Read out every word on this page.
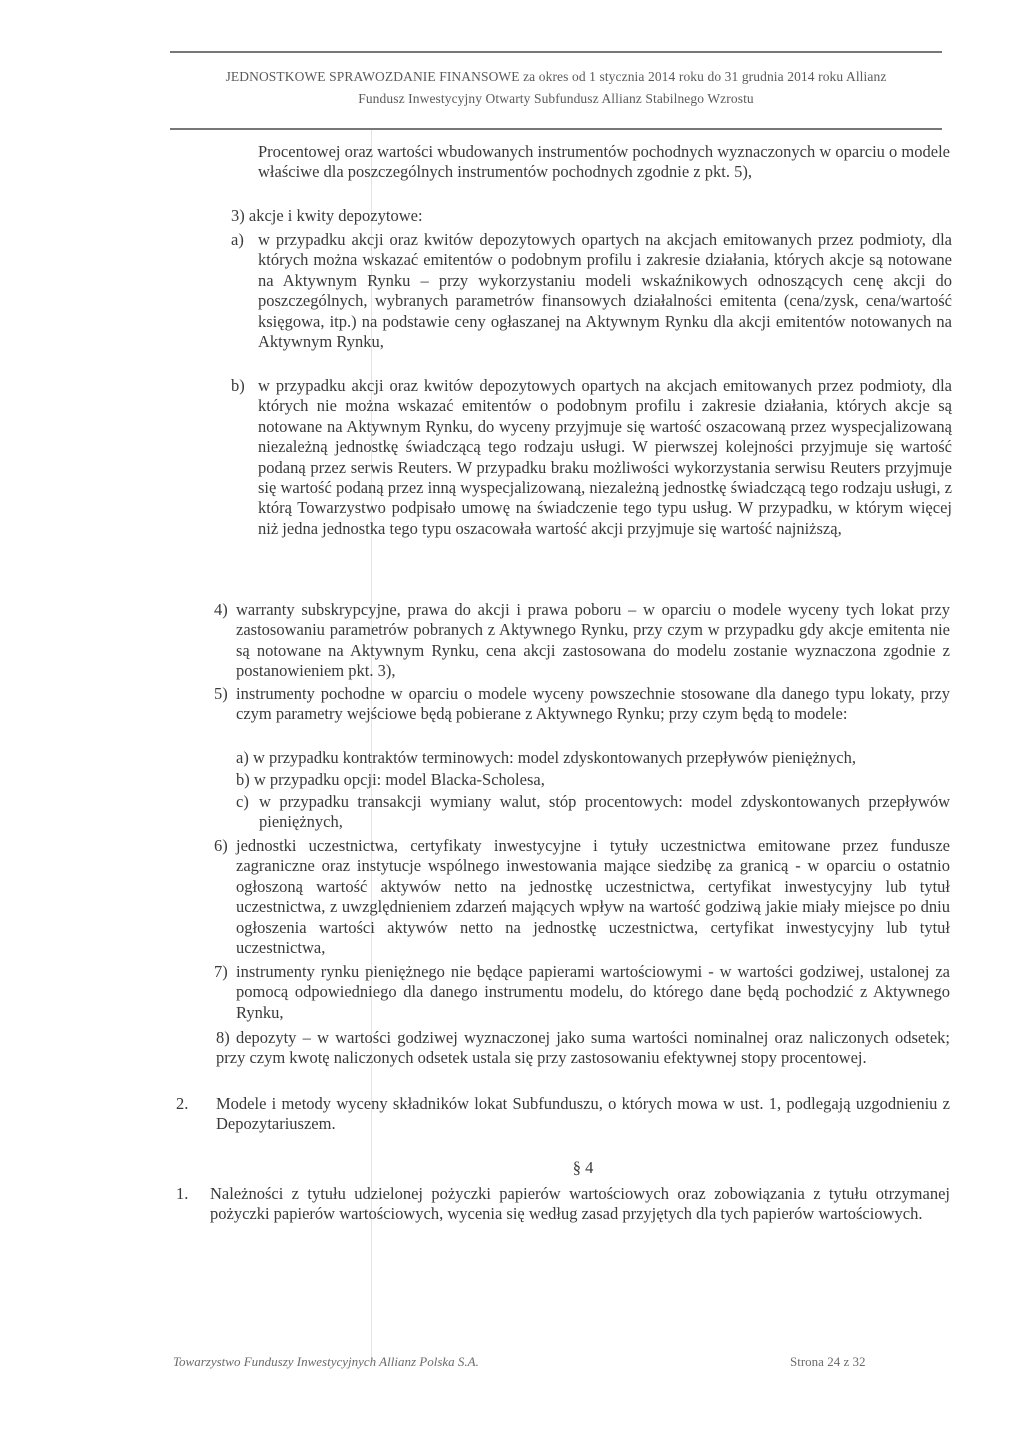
JEDNOSTKOWE SPRAWOZDANIE FINANSOWE za okres od 1 stycznia 2014 roku do 31 grudnia 2014 roku Allianz
Fundusz Inwestycyjny Otwarty Subfundusz Allianz Stabilnego Wzrostu
Procentowej oraz wartości wbudowanych instrumentów pochodnych wyznaczonych w oparciu o modele właściwe dla poszczególnych instrumentów pochodnych zgodnie z pkt. 5),
3) akcje i kwity depozytowe:
a) w przypadku akcji oraz kwitów depozytowych opartych na akcjach emitowanych przez podmioty, dla których można wskazać emitentów o podobnym profilu i zakresie działania, których akcje są notowane na Aktywnym Rynku – przy wykorzystaniu modeli wskaźnikowych odnoszących cenę akcji do poszczególnych, wybranych parametrów finansowych działalności emitenta (cena/zysk, cena/wartość księgowa, itp.) na podstawie ceny ogłaszanej na Aktywnym Rynku dla akcji emitentów notowanych na Aktywnym Rynku,
b) w przypadku akcji oraz kwitów depozytowych opartych na akcjach emitowanych przez podmioty, dla których nie można wskazać emitentów o podobnym profilu i zakresie działania, których akcje są notowane na Aktywnym Rynku, do wyceny przyjmuje się wartość oszacowaną przez wyspecjalizowaną niezależną jednostkę świadczącą tego rodzaju usługi. W pierwszej kolejności przyjmuje się wartość podaną przez serwis Reuters. W przypadku braku możliwości wykorzystania serwisu Reuters przyjmuje się wartość podaną przez inną wyspecjalizowaną, niezależną jednostkę świadczącą tego rodzaju usługi, z którą Towarzystwo podpisało umowę na świadczenie tego typu usług. W przypadku, w którym więcej niż jedna jednostka tego typu oszacowała wartość akcji przyjmuje się wartość najniższą,
4) warranty subskrypcyjne, prawa do akcji i prawa poboru – w oparciu o modele wyceny tych lokat przy zastosowaniu parametrów pobranych z Aktywnego Rynku, przy czym w przypadku gdy akcje emitenta nie są notowane na Aktywnym Rynku, cena akcji zastosowana do modelu zostanie wyznaczona zgodnie z postanowieniem pkt. 3),
5) instrumenty pochodne w oparciu o modele wyceny powszechnie stosowane dla danego typu lokaty, przy czym parametry wejściowe będą pobierane z Aktywnego Rynku; przy czym będą to modele:
a) w przypadku kontraktów terminowych: model zdyskontowanych przepływów pieniężnych,
b) w przypadku opcji: model Blacka-Scholesa,
c) w przypadku transakcji wymiany walut, stóp procentowych: model zdyskontowanych przepływów pieniężnych,
6) jednostki uczestnictwa, certyfikaty inwestycyjne i tytuły uczestnictwa emitowane przez fundusze zagraniczne oraz instytucje wspólnego inwestowania mające siedzibę za granicą - w oparciu o ostatnio ogłoszoną wartość aktywów netto na jednostkę uczestnictwa, certyfikat inwestycyjny lub tytuł uczestnictwa, z uwzględnieniem zdarzeń mających wpływ na wartość godziwą jakie miały miejsce po dniu ogłoszenia wartości aktywów netto na jednostkę uczestnictwa, certyfikat inwestycyjny lub tytuł uczestnictwa,
7) instrumenty rynku pieniężnego nie będące papierami wartościowymi - w wartości godziwej, ustalonej za pomocą odpowiedniego dla danego instrumentu modelu, do którego dane będą pochodzić z Aktywnego Rynku,
8) depozyty – w wartości godziwej wyznaczonej jako suma wartości nominalnej oraz naliczonych odsetek; przy czym kwotę naliczonych odsetek ustala się przy zastosowaniu efektywnej stopy procentowej.
2. Modele i metody wyceny składników lokat Subfunduszu, o których mowa w ust. 1, podlegają uzgodnieniu z Depozytariuszem.
§ 4
1. Należności z tytułu udzielonej pożyczki papierów wartościowych oraz zobowiązania z tytułu otrzymanej pożyczki papierów wartościowych, wycenia się według zasad przyjętych dla tych papierów wartościowych.
Towarzystwo Funduszy Inwestycyjnych Allianz Polska S.A.	Strona 24 z 32
